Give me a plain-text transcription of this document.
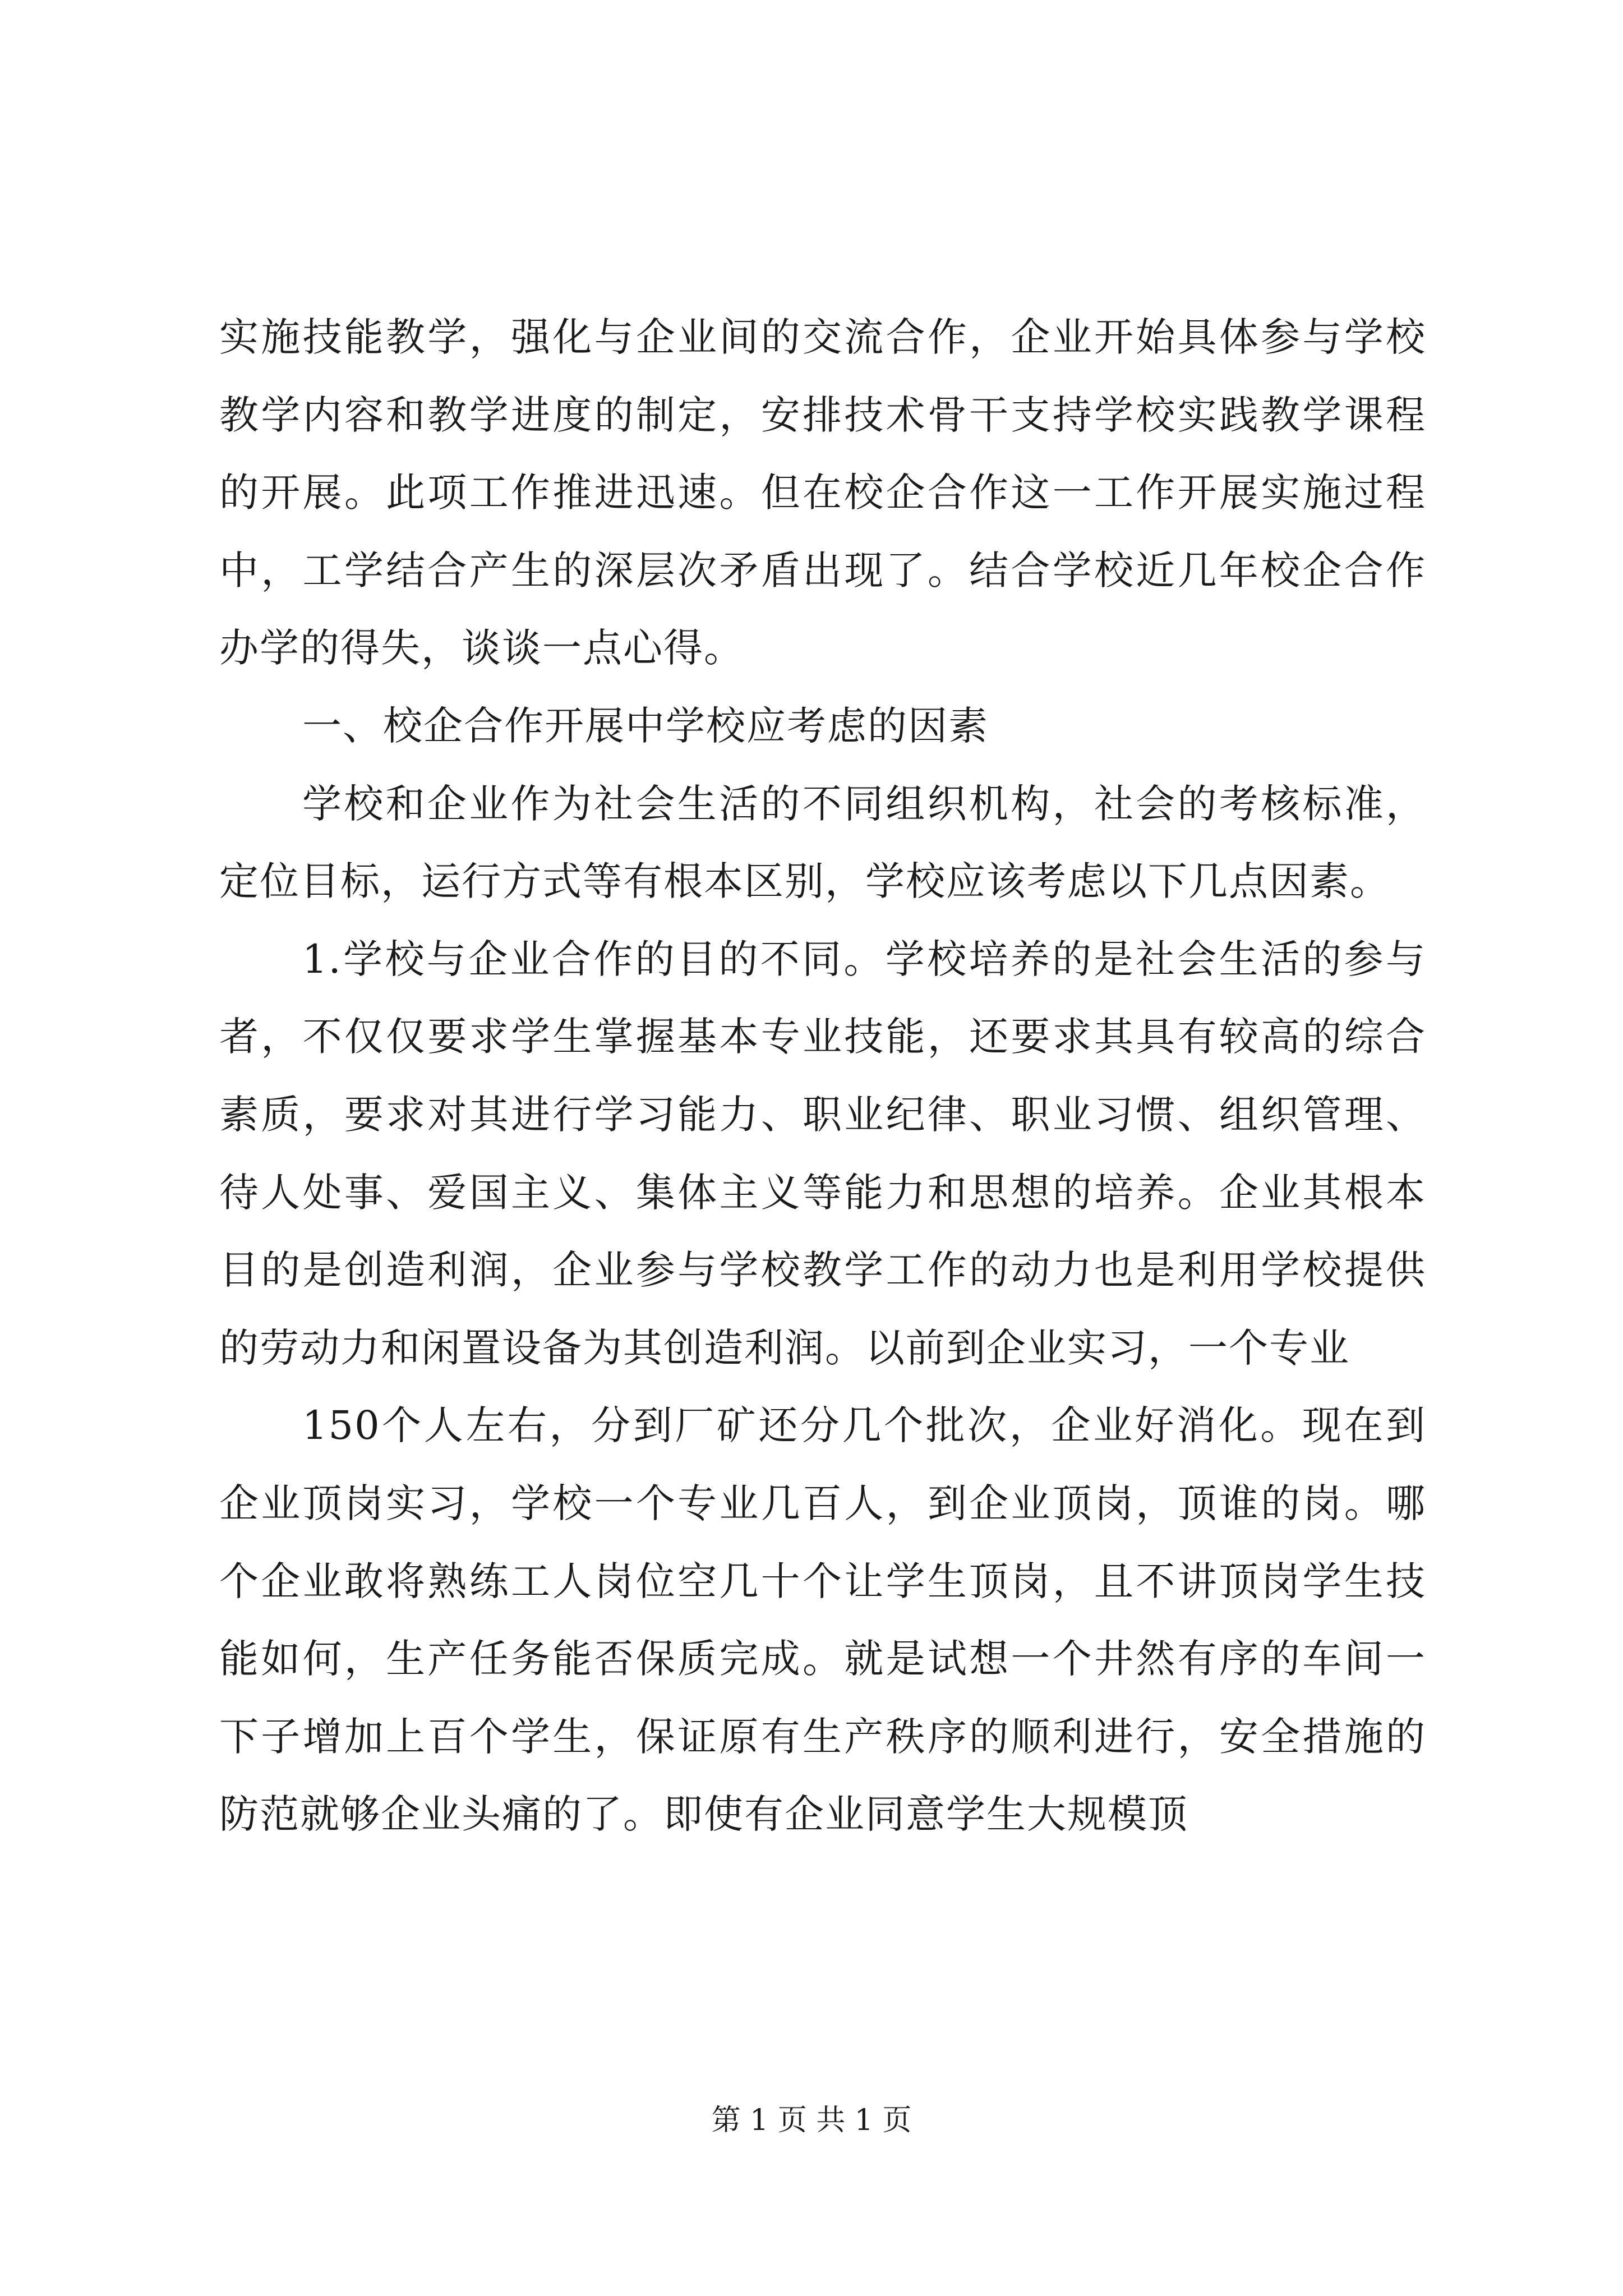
实施技能教学，强化与企业间的交流合作，企业开始具体参与学校教学内容和教学进度的制定，安排技术骨干支持学校实践教学课程的开展。此项工作推进迅速。但在校企合作这一工作开展实施过程中，工学结合产生的深层次矛盾出现了。结合学校近几年校企合作办学的得失，谈谈一点心得。

一、校企合作开展中学校应考虑的因素

学校和企业作为社会生活的不同组织机构，社会的考核标准，定位目标，运行方式等有根本区别，学校应该考虑以下几点因素。

1.学校与企业合作的目的不同。学校培养的是社会生活的参与者，不仅仅要求学生掌握基本专业技能，还要求其具有较高的综合素质，要求对其进行学习能力、职业纪律、职业习惯、组织管理、待人处事、爱国主义、集体主义等能力和思想的培养。企业其根本目的是创造利润，企业参与学校教学工作的动力也是利用学校提供的劳动力和闲置设备为其创造利润。以前到企业实习，一个专业

150个人左右，分到厂矿还分几个批次，企业好消化。现在到企业顶岗实习，学校一个专业几百人，到企业顶岗，顶谁的岗。哪个企业敢将熟练工人岗位空几十个让学生顶岗，且不讲顶岗学生技能如何，生产任务能否保质完成。就是试想一个井然有序的车间一下子增加上百个学生，保证原有生产秩序的顺利进行，安全措施的防范就够企业头痛的了。即使有企业同意学生大规模顶

第 1 页 共 1 页
